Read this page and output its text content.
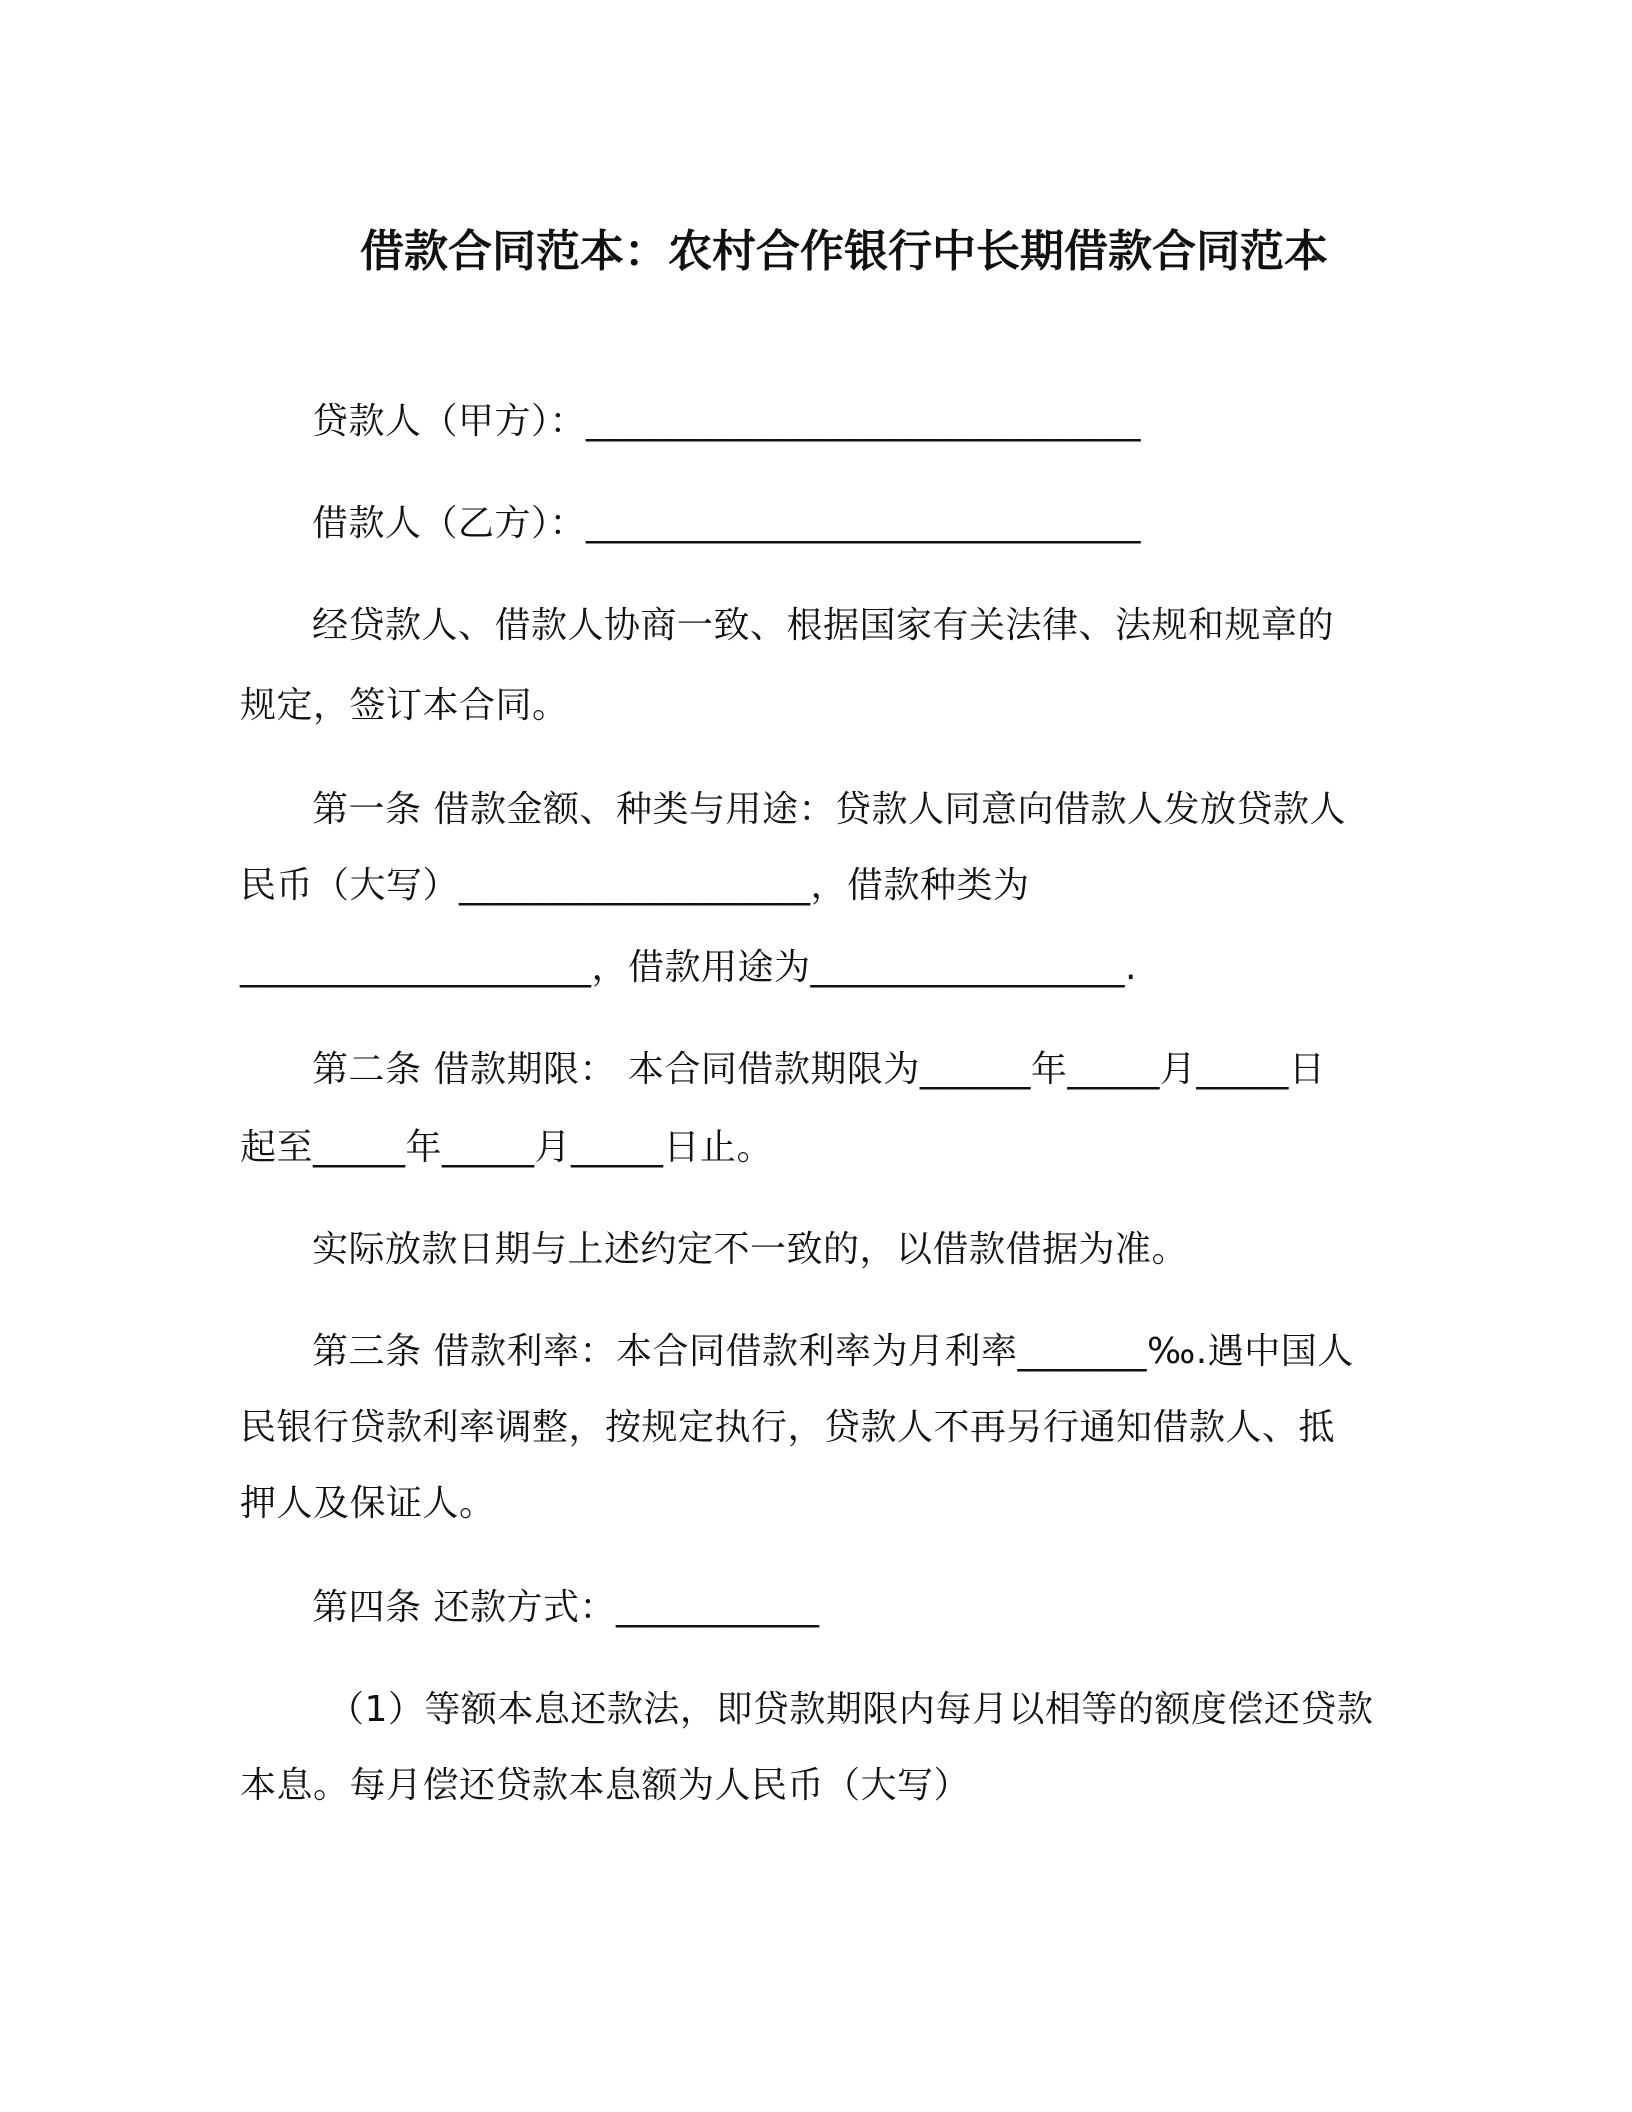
借款合同范本：农村合作银行中长期借款合同范本
贷款人（甲方）：______________________________
借款人（乙方）：______________________________
经贷款人、借款人协商一致、根据国家有关法律、法规和规章的
规定，签订本合同。
第一条 借款金额、种类与用途：贷款人同意向借款人发放贷款人
民币（大写）___________________，借款种类为
___________________，借款用途为_________________.
第二条 借款期限： 本合同借款期限为______年_____月_____日
起至_____年_____月_____日止。
实际放款日期与上述约定不一致的，以借款借据为准。
第三条 借款利率：本合同借款利率为月利率_______‰.遇中国人
民银行贷款利率调整，按规定执行，贷款人不再另行通知借款人、抵
押人及保证人。
第四条 还款方式：___________
（1）等额本息还款法，即贷款期限内每月以相等的额度偿还贷款
本息。每月偿还贷款本息额为人民币（大写）
